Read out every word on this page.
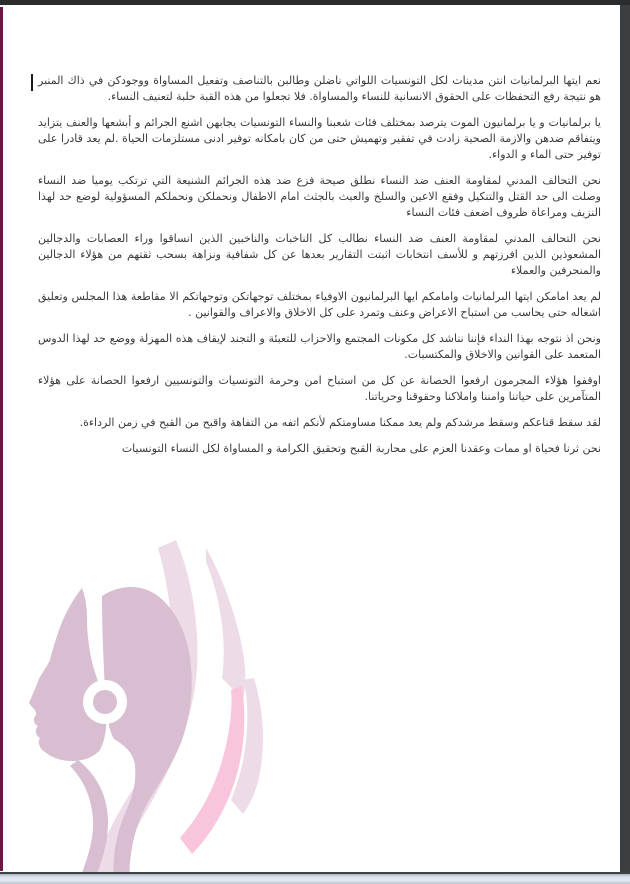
نعم ايتها البرلمانيات انتن مدينات لكل التونسيات اللواتي ناضلن وطالبن بالتناصف وتفعيل المساواة ووجودكن في ذاك المنبر هو نتيجة رفع التحفظات على الحقوق الانسانية للنساء والمساواة. فلا تجعلوا من هذه القبة حلبة لتعنيف النساء.

يا برلمانيات و يا برلمانيون الموت يترصد بمختلف فئات شعبنا والنساء التونسيات يجابهن اشنع الجرائم و أبشعها والعنف يتزايد ويتفاقم ضدهن والازمة الصحية زادت في تفقير وتهميش حتى من كان بامكانه توفير ادنى مستلزمات الحياة .لم يعد قادرا على توفير حتى الماء و الدواء.

نحن التحالف المدني لمقاومة العنف ضد النساء نطلق صيحة فزع ضد هذه الجرائم الشنيعة التي ترتكب يوميا ضد النساء وصلت الى حد القتل والتنكيل وفقع الاعين والسلخ والعبث بالجثث امام الاطفال ونحملكن ونحملكم المسؤولية لوضع حد لهذا النزيف ومراعاة ظروف اضعف فئات النساء

نحن التحالف المدني لمقاومة العنف ضد النساء نطالب كل الناخبات والناخبين الذين انساقوا وراء العصابات والدجالين المشعوذين الذين افرزتهم و للأسف انتخابات اثبتت التقارير بعدها عن كل شفافية ونزاهة بسحب ثقتهم من هؤلاء الدجالين والمنحرفين والعملاء

لم يعد امامكن ايتها البرلمانيات وامامكم ايها البرلمانيون الاوفياء بمختلف توجهاتكن وتوجهاتكم الا مقاطعة هذا المجلس وتعليق اشغاله حتى يحاسب من استباح الاعراض وعنف وتمرد على كل الاخلاق والاعراف والقوانين .

ونحن اذ نتوجه بهذا النداء فإننا نناشد كل مكونات المجتمع والاحزاب للتعبئة و التجند لإيقاف هذه المهزلة ووضع حد لهذا الدوس المتعمد على القوانين والاخلاق والمكتسبات.

اوقفوا هؤلاء المجرمون ارفعوا الحصانة عن كل من استباح امن وحرمة التونسيات والتونسيين ارفعوا الحصانة على هؤلاء المتآمرين على حياتنا وامننا واملاكنا وحقوقنا وحرياتنا.

لقد سقط قناعكم وسقط مرشدكم ولم يعد ممكنا مساومتكم لأنكم اتفه من التفاهة واقبح من القبح في زمن الرداءة.

نحن ثرنا فحياة او ممات وعقدنا العزم على محاربة القبح وتحقيق الكرامة و المساواة لكل النساء التونسيات
